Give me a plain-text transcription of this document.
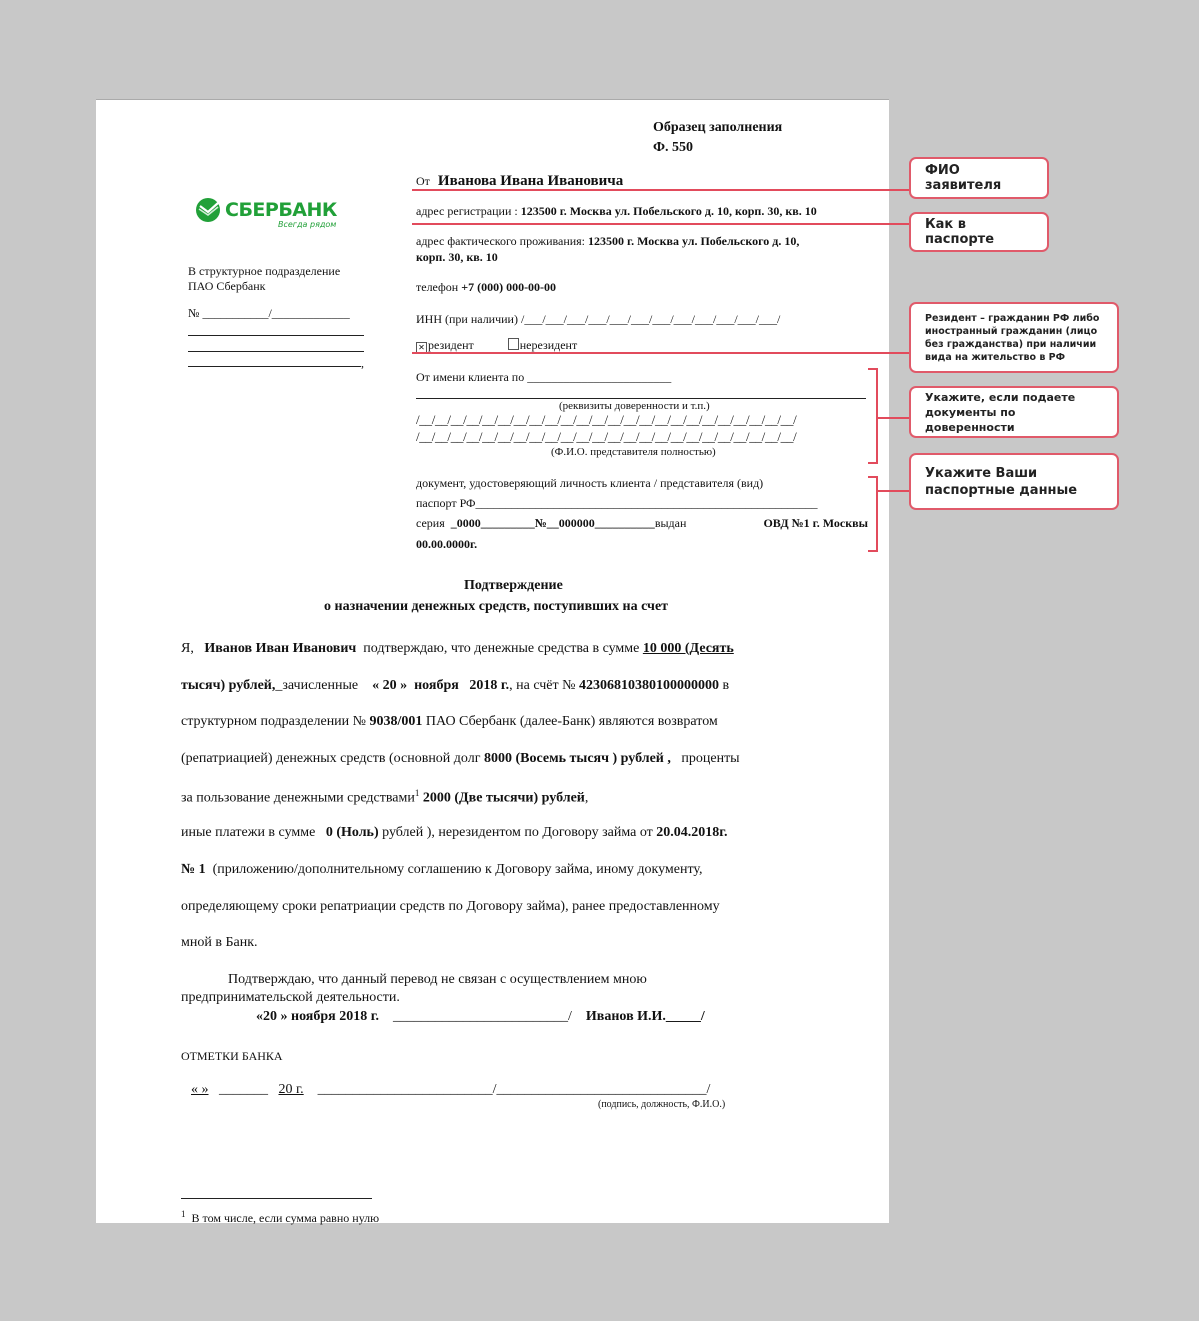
Образец заполнения
Ф. 550
СБЕРБАНК
Всегда рядом
В структурное подразделение
ПАО Сбербанк
№ ___________/_____________
,
От Иванова Ивана Ивановича
адрес регистрации : 123500 г. Москва ул. Побельского д. 10, корп. 30, кв. 10
адрес фактического проживания: 123500 г. Москва ул. Побельского д. 10,
корп. 30, кв. 10
телефон +7 (000) 000-00-00
ИНН (при наличии) /___/___/___/___/___/___/___/___/___/___/___/___/
✕ резидент	нерезидент
От имени клиента по ________________________
(реквизиты доверенности и т.п.)
/__/__/__/__/__/__/__/__/__/__/__/__/__/__/__/__/__/__/__/__/__/__/__/__/
/__/__/__/__/__/__/__/__/__/__/__/__/__/__/__/__/__/__/__/__/__/__/__/__/
(Ф.И.О. представителя полностью)
документ, удостоверяющий личность клиента / представителя (вид)
паспорт РФ_________________________________________________________
серия _0000_________№__000000__________выдан	ОВД №1 г. Москвы
00.00.0000г.
Подтверждение
о назначении денежных средств, поступивших на счет
Я, Иванов Иван Иванович подтверждаю, что денежные средства в сумме 10 000 (Десять
тысяч) рублей,_зачисленные « 20 » ноября 2018 г., на счёт № 42306810380100000000 в
структурном подразделении № 9038/001 ПАО Сбербанк (далее-Банк) являются возвратом
(репатриацией) денежных средств (основной долг 8000 (Восемь тысяч ) рублей , проценты
за пользование денежными средствами$^1$ 2000 (Две тысячи) рублей,
иные платежи в сумме 0 (Ноль) рублей ), нерезидентом по Договору займа от 20.04.2018г.
№ 1 (приложению/дополнительному соглашению к Договору займа, иному документу,
определяющему сроки репатриации средств по Договору займа), ранее предоставленному
мной в Банк.
Подтверждаю, что данный перевод не связан с осуществлением мною
предпринимательской деятельности.
«20 » ноября 2018 г. _________________________/ Иванов И.И._____/
ОТМЕТКИ БАНКА
« » _______ 20 г. _________________________/______________________________/
(подпись, должность, Ф.И.О.)
$^1$ В том числе, если сумма равно нулю
ФИО заявителя
Как в паспорте
Резидент – гражданин РФ либо иностранный гражданин (лицо без гражданства) при наличии вида на жительство в РФ
Укажите, если подаете документы по доверенности
Укажите Ваши паспортные данные
